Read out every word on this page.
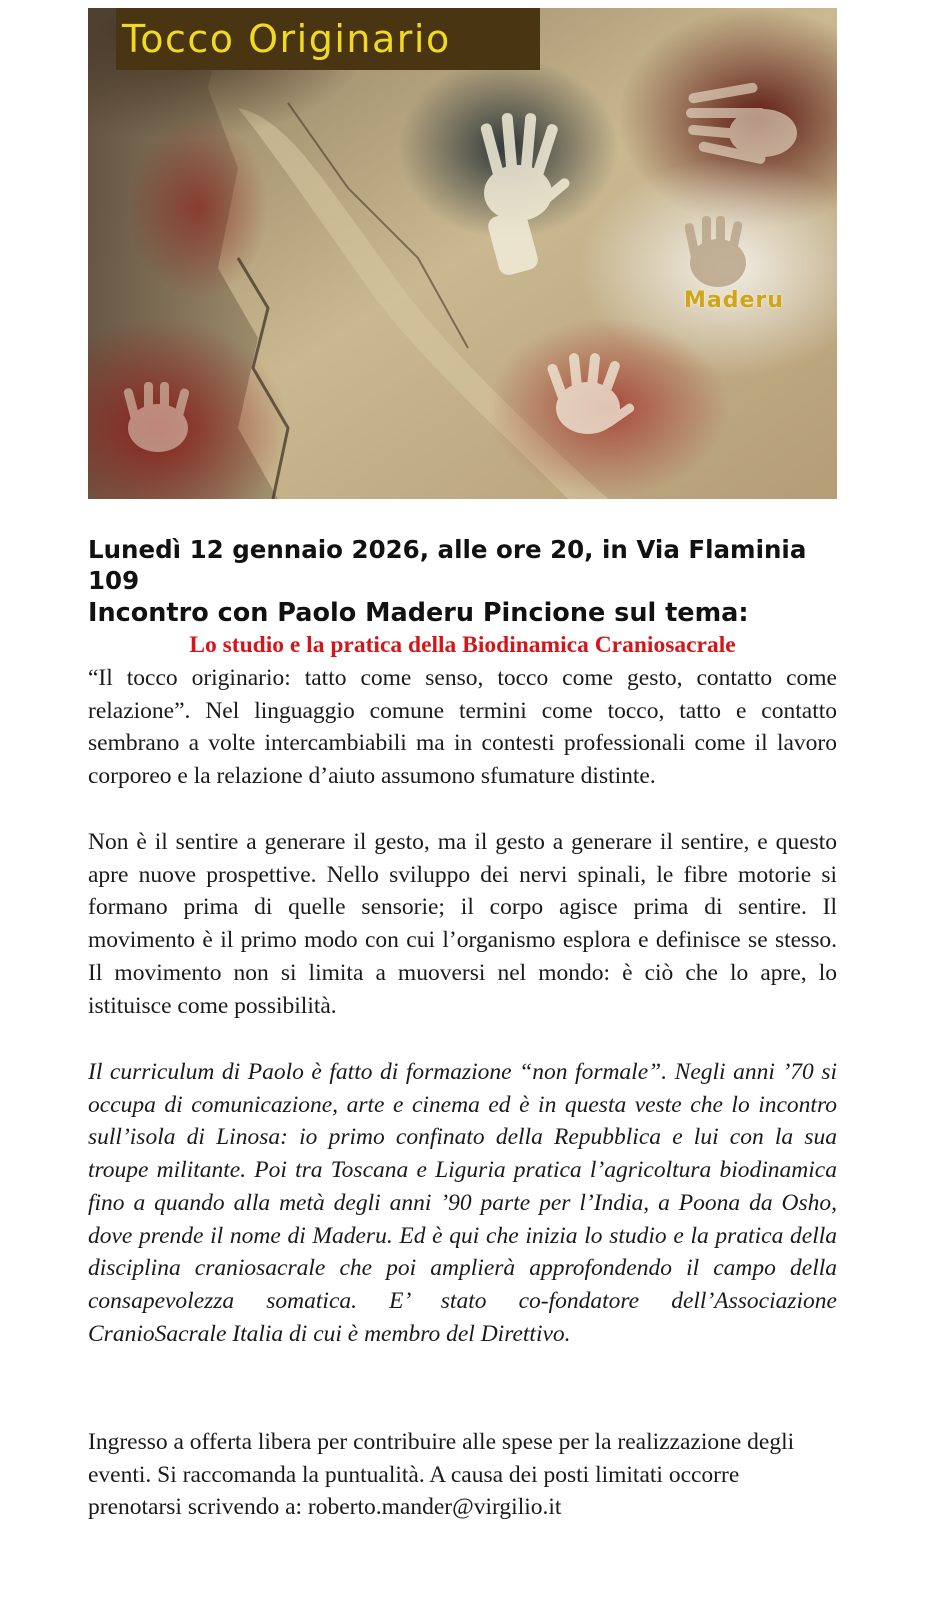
Tocco Originario
Maderu

Lunedì 12 gennaio 2026, alle ore 20, in Via Flaminia 109

Incontro con Paolo Maderu Pincione sul tema:

Lo studio e la pratica della Biodinamica Craniosacrale

“Il tocco originario: tatto come senso, tocco come gesto, contatto come relazione”. Nel linguaggio comune termini come tocco, tatto e contatto sembrano a volte intercambiabili ma in contesti professionali come il lavoro corporeo e la relazione d’aiuto assumono sfumature distinte.

Non è il sentire a generare il gesto, ma il gesto a generare il sentire, e questo apre nuove prospettive. Nello sviluppo dei nervi spinali, le fibre motorie si formano prima di quelle sensorie; il corpo agisce prima di sentire. Il movimento è il primo modo con cui l’organismo esplora e definisce se stesso. Il movimento non si limita a muoversi nel mondo: è ciò che lo apre, lo istituisce come possibilità.

Il curriculum di Paolo è fatto di formazione “non formale”. Negli anni ’70 si occupa di comunicazione, arte e cinema ed è in questa veste che lo incontro sull’isola di Linosa: io primo confinato della Repubblica e lui con la sua troupe militante. Poi tra Toscana e Liguria pratica l’agricoltura biodinamica fino a quando alla metà degli anni ’90 parte per l’India, a Poona da Osho, dove prende il nome di Maderu. Ed è qui che inizia lo studio e la pratica della disciplina craniosacrale che poi amplierà approfondendo il campo della consapevolezza somatica. E’ stato co-fondatore dell’Associazione CranioSacrale Italia di cui è membro del Direttivo.

Ingresso a offerta libera per contribuire alle spese per la realizzazione degli eventi. Si raccomanda la puntualità. A causa dei posti limitati occorre prenotarsi scrivendo a: roberto.mander@virgilio.it
